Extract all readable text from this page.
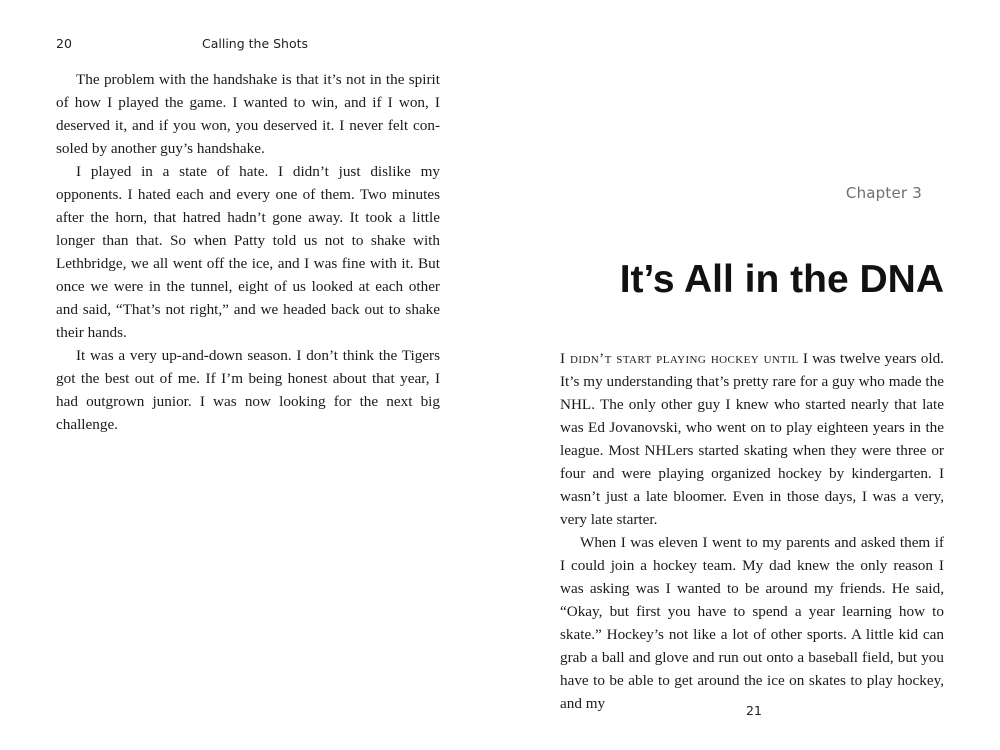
20	Calling the Shots

The problem with the handshake is that it’s not in the spirit of how I played the game. I wanted to win, and if I won, I deserved it, and if you won, you deserved it. I never felt consoled by another guy’s handshake.

I played in a state of hate. I didn’t just dislike my opponents. I hated each and every one of them. Two minutes after the horn, that hatred hadn’t gone away. It took a little longer than that. So when Patty told us not to shake with Lethbridge, we all went off the ice, and I was fine with it. But once we were in the tunnel, eight of us looked at each other and said, “That’s not right,” and we headed back out to shake their hands.

It was a very up-and-down season. I don’t think the Tigers got the best out of me. If I’m being honest about that year, I had outgrown junior. I was now looking for the next big challenge.

Chapter 3
It’s All in the DNA

I didn’t start playing hockey until I was twelve years old. It’s my understanding that’s pretty rare for a guy who made the NHL. The only other guy I knew who started nearly that late was Ed Jovanovski, who went on to play eighteen years in the league. Most NHLers started skating when they were three or four and were playing organized hockey by kindergarten. I wasn’t just a late bloomer. Even in those days, I was a very, very late starter.

When I was eleven I went to my parents and asked them if I could join a hockey team. My dad knew the only reason I was asking was I wanted to be around my friends. He said, “Okay, but first you have to spend a year learning how to skate.” Hockey’s not like a lot of other sports. A little kid can grab a ball and glove and run out onto a baseball field, but you have to be able to get around the ice on skates to play hockey, and my	21
